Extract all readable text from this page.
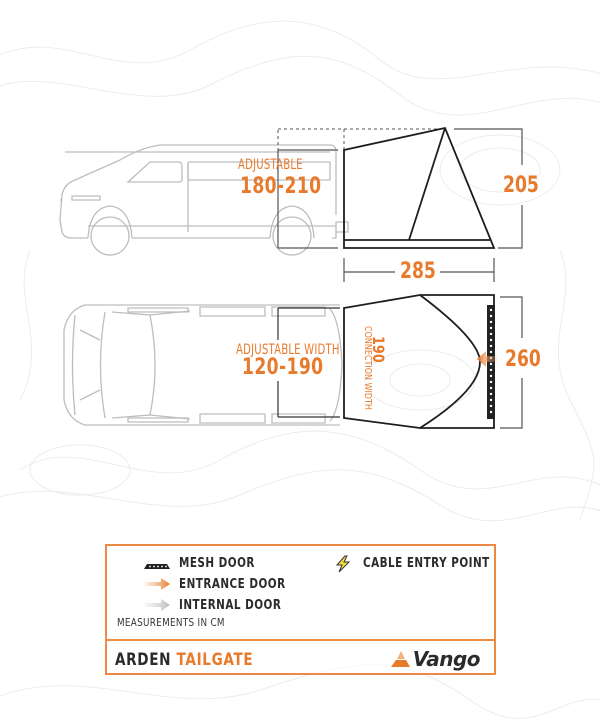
ADJUSTABLE
180-210	205
285
ADJUSTABLE WIDTH
120-190	CONNECTION WIDTH
190	260
MESH DOOR
ENTRANCE DOOR
INTERNAL DOOR
CABLE ENTRY POINT
MEASUREMENTS IN CM
ARDEN TAILGATE	Vango
